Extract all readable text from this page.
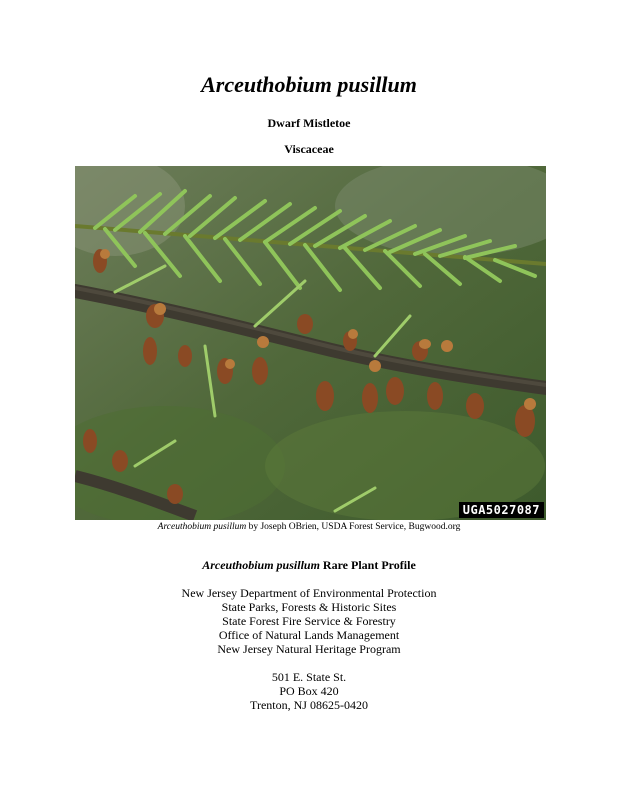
Arceuthobium pusillum
Dwarf Mistletoe
Viscaceae
UGA5027087
Arceuthobium pusillum by Joseph OBrien, USDA Forest Service, Bugwood.org
Arceuthobium pusillum Rare Plant Profile
New Jersey Department of Environmental Protection
State Parks, Forests & Historic Sites
State Forest Fire Service & Forestry
Office of Natural Lands Management
New Jersey Natural Heritage Program
501 E. State St.
PO Box 420
Trenton, NJ 08625-0420
